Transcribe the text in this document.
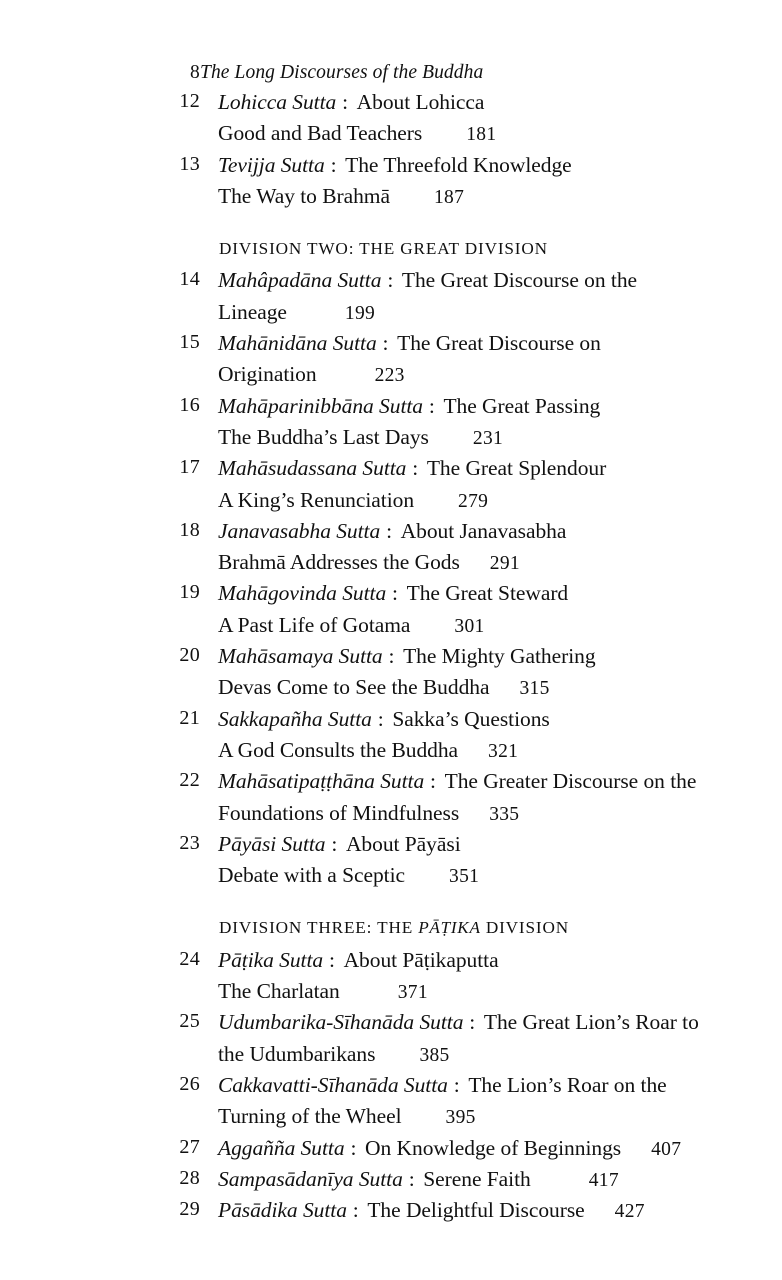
8 The Long Discourses of the Buddha
12 Lohicca Sutta : About Lohicca
Good and Bad Teachers 181
13 Tevijja Sutta : The Threefold Knowledge
The Way to Brahmā 187
DIVISION TWO: THE GREAT DIVISION
14 Mahâpadāna Sutta : The Great Discourse on the
Lineage	199
15 Mahānidāna Sutta : The Great Discourse on
Origination	223
16 Mahāparinibbāna Sutta : The Great Passing
The Buddha’s Last Days 231
17 Mahāsudassana Sutta : The Great Splendour
A King’s Renunciation 279
18 Janavasabha Sutta : About Janavasabha
Brahmā Addresses the Gods 291
19 Mahāgovinda Sutta : The Great Steward
A Past Life of Gotama 301
20 Mahāsamaya Sutta : The Mighty Gathering
Devas Come to See the Buddha 315
21 Sakkapañha Sutta : Sakka’s Questions
A God Consults the Buddha 321
22 Mahāsatipaṭṭhāna Sutta : The Greater Discourse on the
Foundations of Mindfulness 335
23 Pāyāsi Sutta : About Pāyāsi
Debate with a Sceptic 351
DIVISION THREE: THE PĀṬIKA DIVISION
24 Pāṭika Sutta : About Pāṭikaputta
The Charlatan	371
25 Udumbarika-Sīhanāda Sutta : The Great Lion’s Roar to
the Udumbarikans 385
26 Cakkavatti-Sīhanāda Sutta : The Lion’s Roar on the
Turning of the Wheel 395
27 Aggañña Sutta : On Knowledge of Beginnings 407
28 Sampasādanīya Sutta : Serene Faith	417
29 Pāsādika Sutta : The Delightful Discourse 427
